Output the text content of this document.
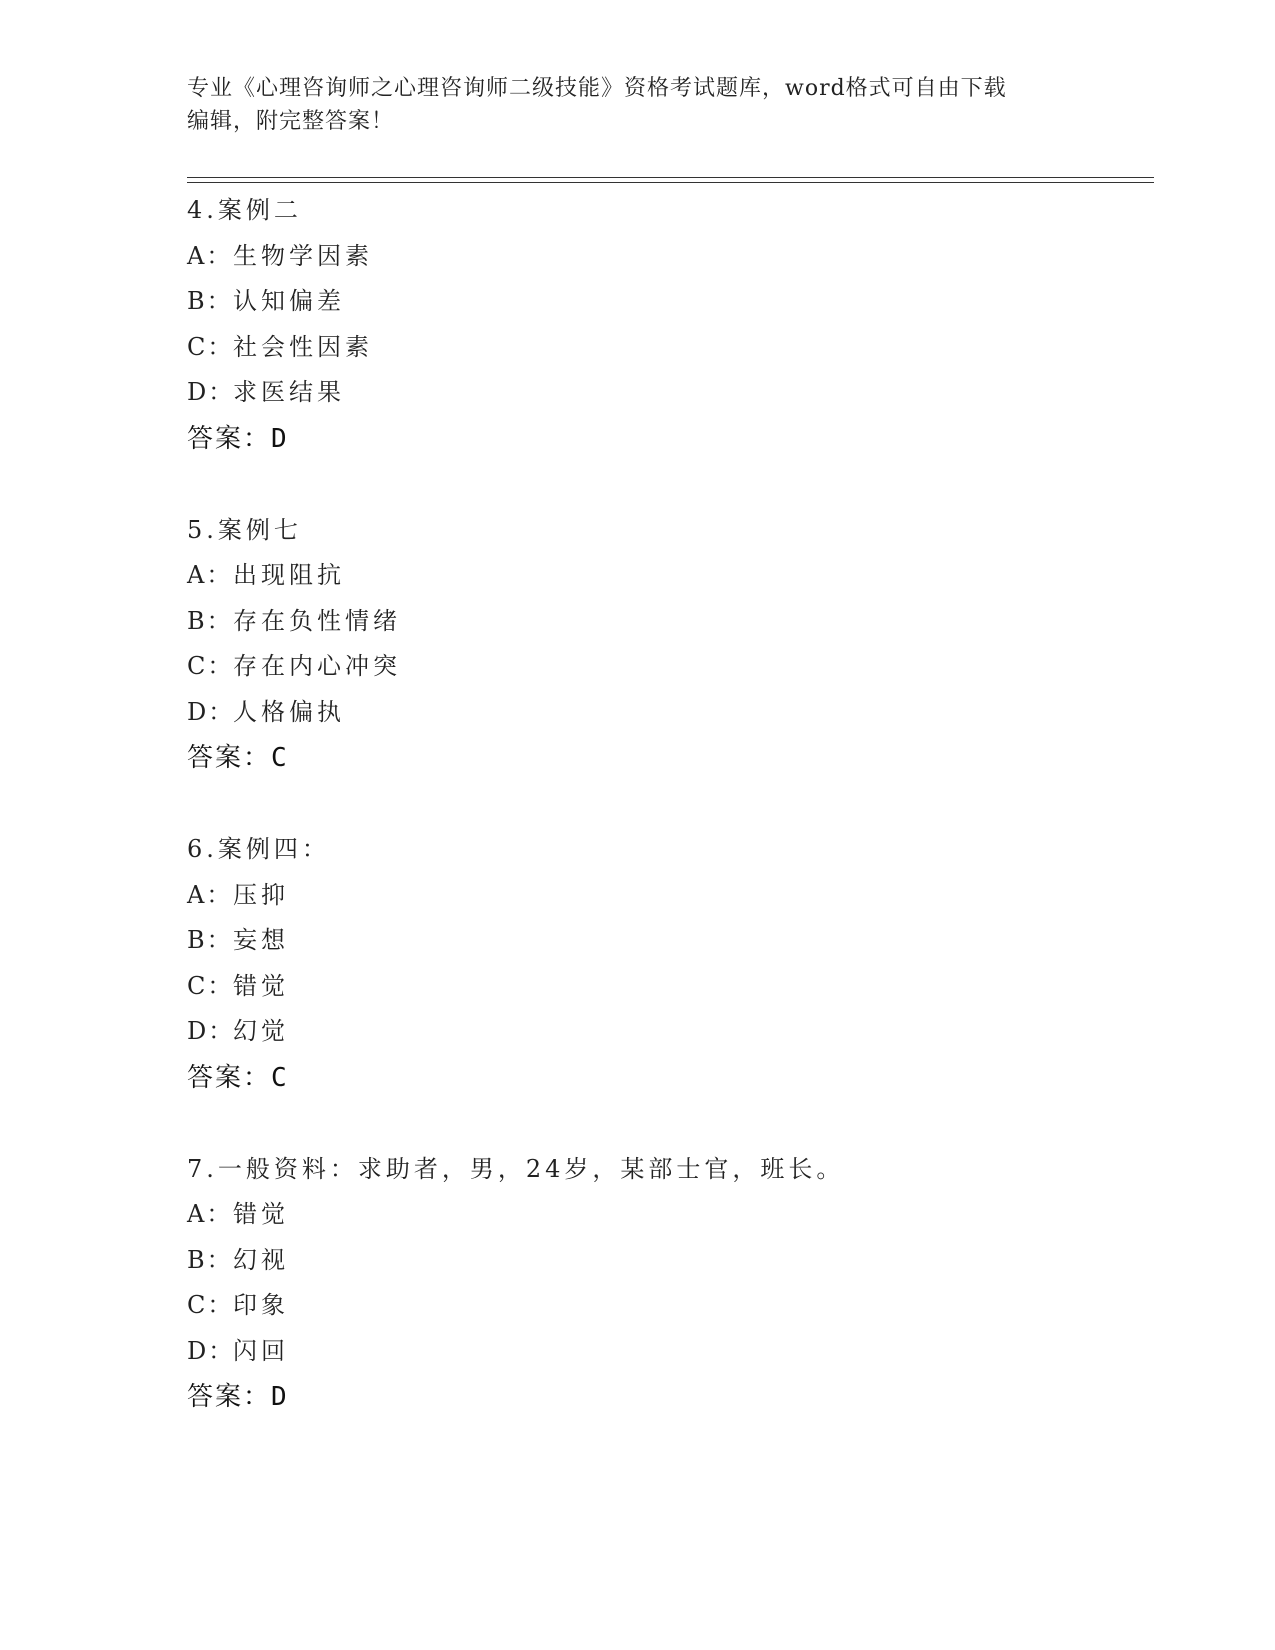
专业《心理咨询师之心理咨询师二级技能》资格考试题库，word格式可自由下载
编辑，附完整答案！
4.案例二
A：生物学因素
B：认知偏差
C：社会性因素
D：求医结果
答案：D
5.案例七
A：出现阻抗
B：存在负性情绪
C：存在内心冲突
D：人格偏执
答案：C
6.案例四：
A：压抑
B：妄想
C：错觉
D：幻觉
答案：C
7.一般资料：求助者，男，24岁，某部士官，班长。
A：错觉
B：幻视
C：印象
D：闪回
答案：D
